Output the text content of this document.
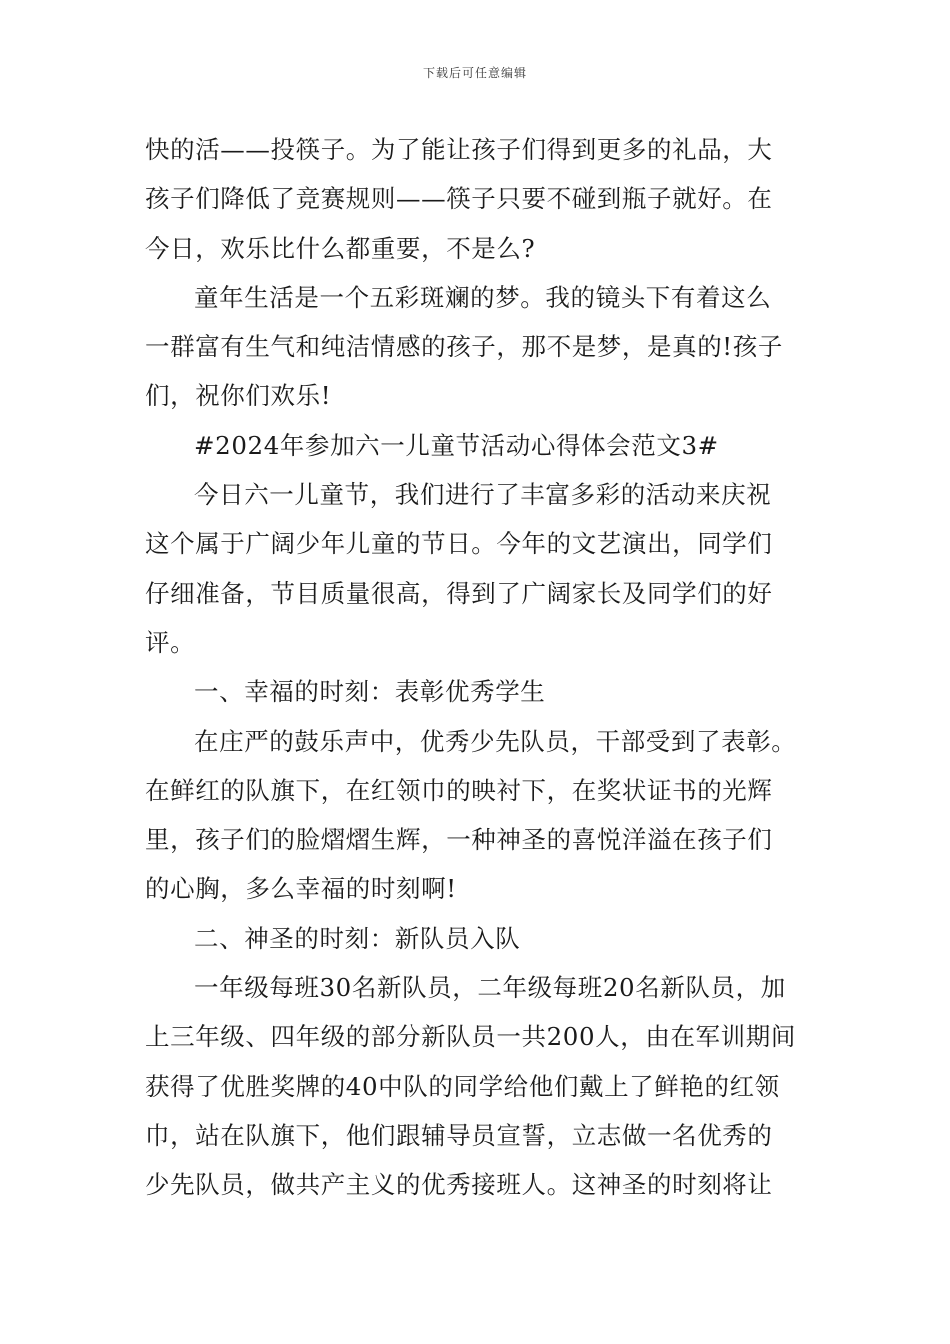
下载后可任意编辑
快的活——投筷子。为了能让孩子们得到更多的礼品，大
孩子们降低了竞赛规则——筷子只要不碰到瓶子就好。在
今日，欢乐比什么都重要，不是么?
童年生活是一个五彩斑斓的梦。我的镜头下有着这么
一群富有生气和纯洁情感的孩子，那不是梦，是真的!孩子
们，祝你们欢乐!
#2024年参加六一儿童节活动心得体会范文3#
今日六一儿童节，我们进行了丰富多彩的活动来庆祝
这个属于广阔少年儿童的节日。今年的文艺演出，同学们
仔细准备，节目质量很高，得到了广阔家长及同学们的好
评。
一、幸福的时刻：表彰优秀学生
在庄严的鼓乐声中，优秀少先队员，干部受到了表彰。
在鲜红的队旗下，在红领巾的映衬下，在奖状证书的光辉
里，孩子们的脸熠熠生辉，一种神圣的喜悦洋溢在孩子们
的心胸，多么幸福的时刻啊!
二、神圣的时刻：新队员入队
一年级每班30名新队员，二年级每班20名新队员，加
上三年级、四年级的部分新队员一共200人，由在军训期间
获得了优胜奖牌的40中队的同学给他们戴上了鲜艳的红领
巾，站在队旗下，他们跟辅导员宣誓，立志做一名优秀的
少先队员，做共产主义的优秀接班人。这神圣的时刻将让
